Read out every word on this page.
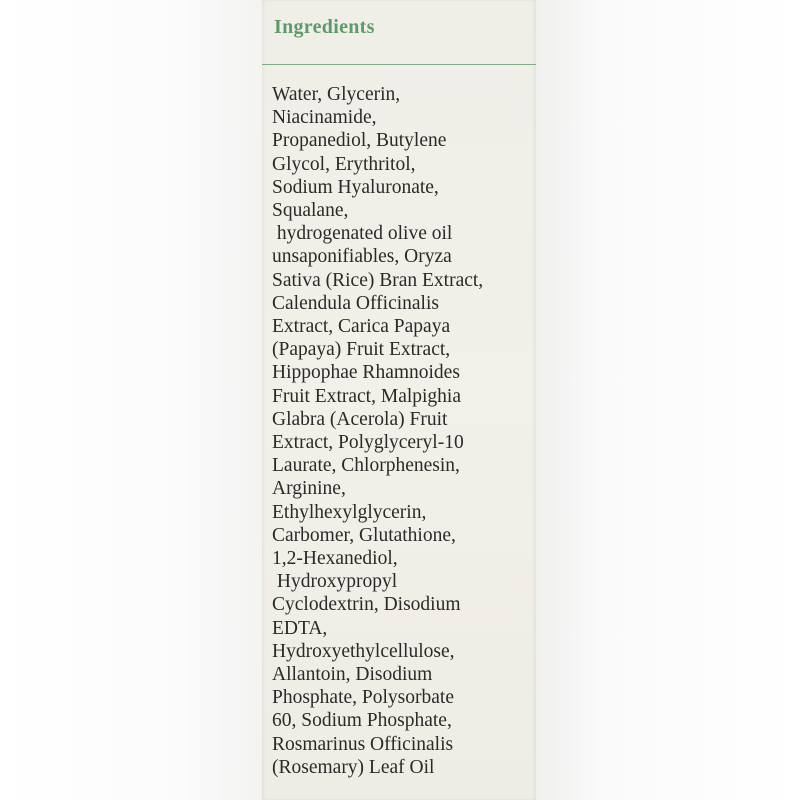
Ingredients

Water, Glycerin,
Niacinamide,
Propanediol, Butylene
Glycol, Erythritol,
Sodium Hyaluronate,
Squalane,
hydrogenated olive oil
unsaponifiables, Oryza
Sativa (Rice) Bran Extract,
Calendula Officinalis
Extract, Carica Papaya
(Papaya) Fruit Extract,
Hippophae Rhamnoides
Fruit Extract, Malpighia
Glabra (Acerola) Fruit
Extract, Polyglyceryl-10
Laurate, Chlorphenesin,
Arginine,
Ethylhexylglycerin,
Carbomer, Glutathione,
1,2-Hexanediol,
Hydroxypropyl
Cyclodextrin, Disodium
EDTA,
Hydroxyethylcellulose,
Allantoin, Disodium
Phosphate, Polysorbate
60, Sodium Phosphate,
Rosmarinus Officinalis
(Rosemary) Leaf Oil
